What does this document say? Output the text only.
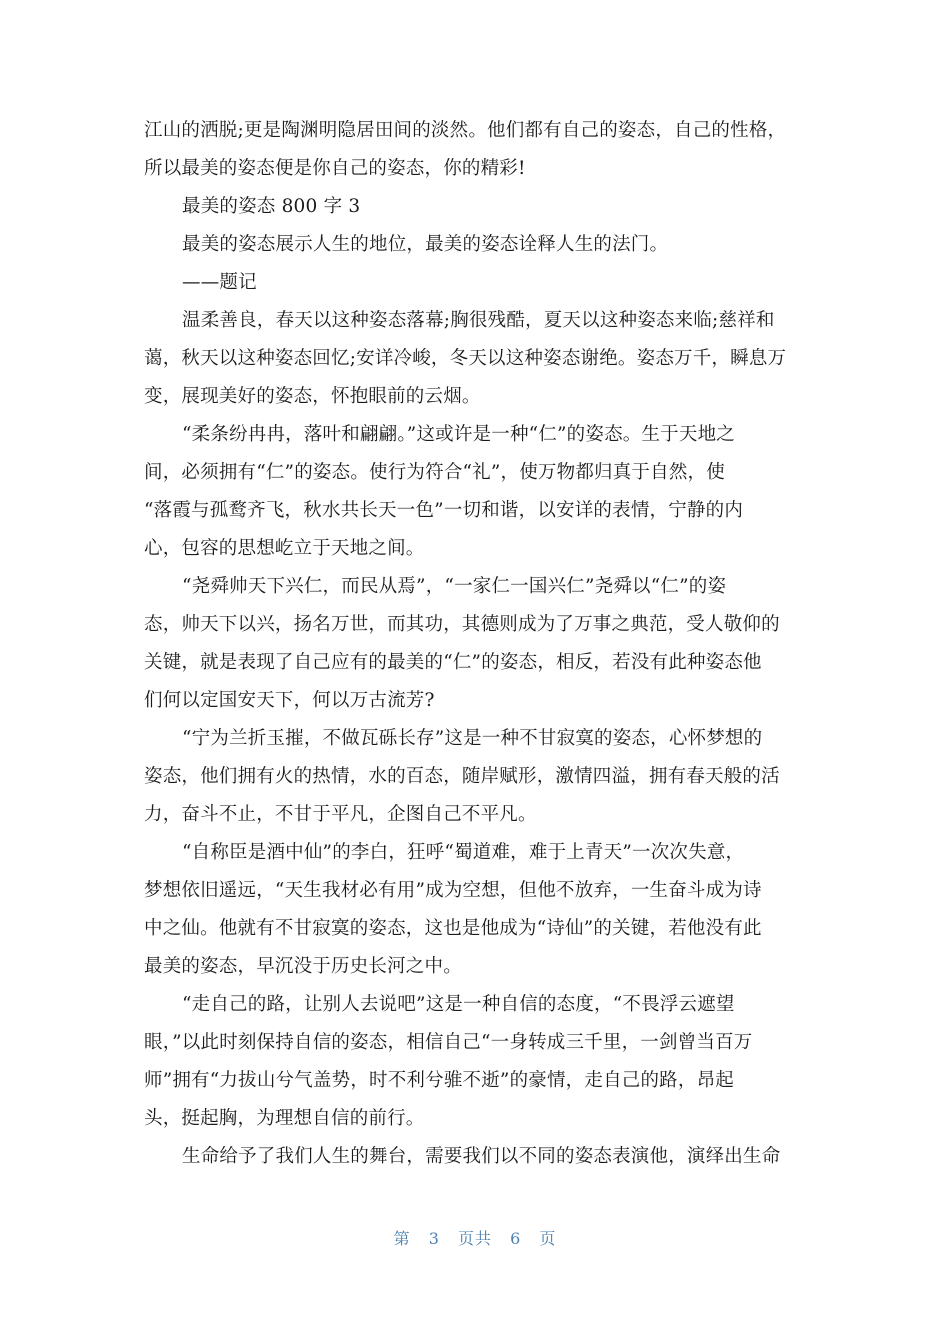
江山的洒脱;更是陶渊明隐居田间的淡然。他们都有自己的姿态，自己的性格，
所以最美的姿态便是你自己的姿态，你的精彩!
最美的姿态 800 字 3
最美的姿态展示人生的地位，最美的姿态诠释人生的法门。
——题记
温柔善良，春天以这种姿态落幕;胸很残酷，夏天以这种姿态来临;慈祥和
蔼，秋天以这种姿态回忆;安详冷峻，冬天以这种姿态谢绝。姿态万千，瞬息万
变，展现美好的姿态，怀抱眼前的云烟。
“柔条纷冉冉，落叶和翩翩。”这或许是一种“仁”的姿态。生于天地之
间，必须拥有“仁”的姿态。使行为符合“礼”，使万物都归真于自然，使
“落霞与孤鹜齐飞，秋水共长天一色”一切和谐，以安详的表情，宁静的内
心，包容的思想屹立于天地之间。
“尧舜帅天下兴仁，而民从焉”，“一家仁一国兴仁”尧舜以“仁”的姿
态，帅天下以兴，扬名万世，而其功，其德则成为了万事之典范，受人敬仰的
关键，就是表现了自己应有的最美的“仁”的姿态，相反，若没有此种姿态他
们何以定国安天下，何以万古流芳?
“宁为兰折玉摧，不做瓦砾长存”这是一种不甘寂寞的姿态，心怀梦想的
姿态，他们拥有火的热情，水的百态，随岸赋形，激情四溢，拥有春天般的活
力，奋斗不止，不甘于平凡，企图自己不平凡。
“自称臣是酒中仙”的李白，狂呼“蜀道难，难于上青天”一次次失意，
梦想依旧遥远，“天生我材必有用”成为空想，但他不放弃，一生奋斗成为诗
中之仙。他就有不甘寂寞的姿态，这也是他成为“诗仙”的关键，若他没有此
最美的姿态，早沉没于历史长河之中。
“走自己的路，让别人去说吧”这是一种自信的态度，“不畏浮云遮望
眼，”以此时刻保持自信的姿态，相信自己“一身转成三千里，一剑曾当百万
师”拥有“力拔山兮气盖势，时不利兮骓不逝”的豪情，走自己的路，昂起
头，挺起胸，为理想自信的前行。
生命给予了我们人生的舞台，需要我们以不同的姿态表演他，演绎出生命
第 3 页共 6 页
